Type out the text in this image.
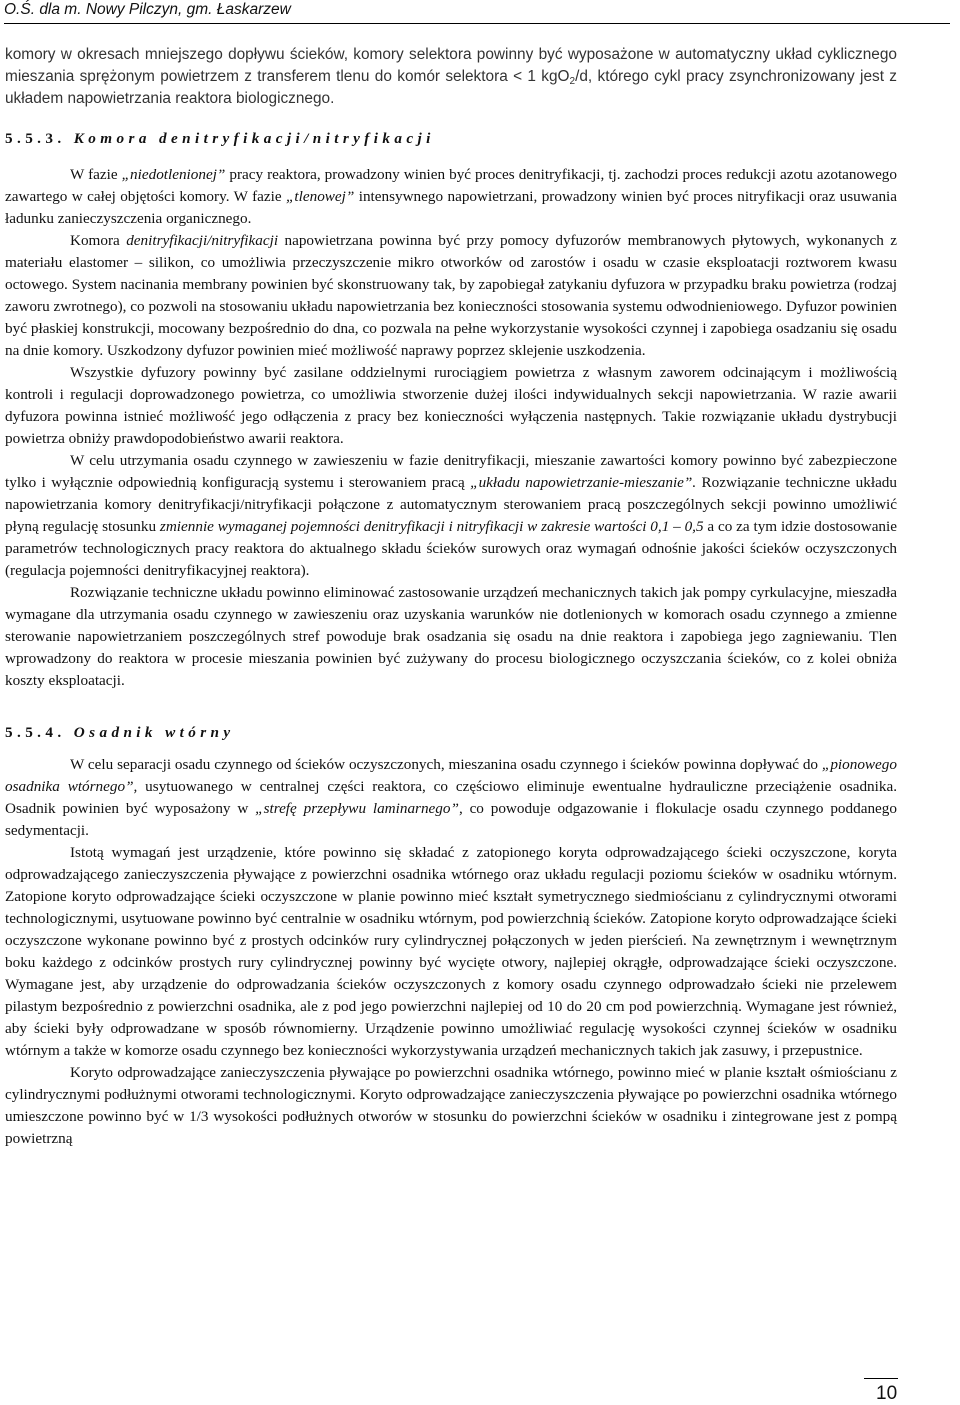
O.Ś. dla m. Nowy Pilczyn, gm. Łaskarzew

komory w okresach mniejszego dopływu ścieków, komory selektora powinny być wyposażone w automatyczny układ cyklicznego mieszania sprężonym powietrzem z transferem tlenu do komór selektora < 1 kgO$_2$/d, którego cykl pracy zsynchronizowany jest z układem napowietrzania reaktora biologicznego.

5.5.3. Komora denitryfikacji/nitryfikacji

W fazie „niedotlenionej” pracy reaktora, prowadzony winien być proces denitryfikacji, tj. zachodzi proces redukcji azotu azotanowego zawartego w całej objętości komory. W fazie „tlenowej” intensywnego napowietrzani, prowadzony winien być proces nitryfikacji oraz usuwania ładunku zanieczyszczenia organicznego.

Komora denitryfikacji/nitryfikacji napowietrzana powinna być przy pomocy dyfuzorów membranowych płytowych, wykonanych z materiału elastomer – silikon, co umożliwia przeczyszczenie mikro otworków od zarostów i osadu w czasie eksploatacji roztworem kwasu octowego. System nacinania membrany powinien być skonstruowany tak, by zapobiegał zatykaniu dyfuzora w przypadku braku powietrza (rodzaj zaworu zwrotnego), co pozwoli na stosowaniu układu napowietrzania bez konieczności stosowania systemu odwodnieniowego. Dyfuzor powinien być płaskiej konstrukcji, mocowany bezpośrednio do dna, co pozwala na pełne wykorzystanie wysokości czynnej i zapobiega osadzaniu się osadu na dnie komory. Uszkodzony dyfuzor powinien mieć możliwość naprawy poprzez sklejenie uszkodzenia.

Wszystkie dyfuzory powinny być zasilane oddzielnymi rurociągiem powietrza z własnym zaworem odcinającym i możliwością kontroli i regulacji doprowadzonego powietrza, co umożliwia stworzenie dużej ilości indywidualnych sekcji napowietrzania. W razie awarii dyfuzora powinna istnieć możliwość jego odłączenia z pracy bez konieczności wyłączenia następnych. Takie rozwiązanie układu dystrybucji powietrza obniży prawdopodobieństwo awarii reaktora.

W celu utrzymania osadu czynnego w zawieszeniu w fazie denitryfikacji, mieszanie zawartości komory powinno być zabezpieczone tylko i wyłącznie odpowiednią konfiguracją systemu i sterowaniem pracą „układu napowietrzanie-mieszanie”. Rozwiązanie techniczne układu napowietrzania komory denitryfikacji/nitryfikacji połączone z automatycznym sterowaniem pracą poszczególnych sekcji powinno umożliwić płyną regulację stosunku zmiennie wymaganej pojemności denitryfikacji i nitryfikacji w zakresie wartości 0,1 – 0,5 a co za tym idzie dostosowanie parametrów technologicznych pracy reaktora do aktualnego składu ścieków surowych oraz wymagań odnośnie jakości ścieków oczyszczonych (regulacja pojemności denitryfikacyjnej reaktora).

Rozwiązanie techniczne układu powinno eliminować zastosowanie urządzeń mechanicznych takich jak pompy cyrkulacyjne, mieszadła wymagane dla utrzymania osadu czynnego w zawieszeniu oraz uzyskania warunków nie dotlenionych w komorach osadu czynnego a zmienne sterowanie napowietrzaniem poszczególnych stref powoduje brak osadzania się osadu na dnie reaktora i zapobiega jego zagniewaniu. Tlen wprowadzony do reaktora w procesie mieszania powinien być zużywany do procesu biologicznego oczyszczania ścieków, co z kolei obniża koszty eksploatacji.

5.5.4. Osadnik wtórny

W celu separacji osadu czynnego od ścieków oczyszczonych, mieszanina osadu czynnego i ścieków powinna dopływać do „pionowego osadnika wtórnego”, usytuowanego w centralnej części reaktora, co częściowo eliminuje ewentualne hydrauliczne przeciążenie osadnika. Osadnik powinien być wyposażony w „strefę przepływu laminarnego”, co powoduje odgazowanie i flokulacje osadu czynnego poddanego sedymentacji.

Istotą wymagań jest urządzenie, które powinno się składać z zatopionego koryta odprowadzającego ścieki oczyszczone, koryta odprowadzającego zanieczyszczenia pływające z powierzchni osadnika wtórnego oraz układu regulacji poziomu ścieków w osadniku wtórnym. Zatopione koryto odprowadzające ścieki oczyszczone w planie powinno mieć kształt symetrycznego siedmiościanu z cylindrycznymi otworami technologicznymi, usytuowane powinno być centralnie w osadniku wtórnym, pod powierzchnią ścieków. Zatopione koryto odprowadzające ścieki oczyszczone wykonane powinno być z prostych odcinków rury cylindrycznej połączonych w jeden pierścień. Na zewnętrznym i wewnętrznym boku każdego z odcinków prostych rury cylindrycznej powinny być wycięte otwory, najlepiej okrągłe, odprowadzające ścieki oczyszczone. Wymagane jest, aby urządzenie do odprowadzania ścieków oczyszczonych z komory osadu czynnego odprowadzało ścieki nie przelewem pilastym bezpośrednio z powierzchni osadnika, ale z pod jego powierzchni najlepiej od 10 do 20 cm pod powierzchnią. Wymagane jest również, aby ścieki były odprowadzane w sposób równomierny. Urządzenie powinno umożliwiać regulację wysokości czynnej ścieków w osadniku wtórnym a także w komorze osadu czynnego bez konieczności wykorzystywania urządzeń mechanicznych takich jak zasuwy, i przepustnice.

Koryto odprowadzające zanieczyszczenia pływające po powierzchni osadnika wtórnego, powinno mieć w planie kształt ośmiościanu z cylindrycznymi podłużnymi otworami technologicznymi. Koryto odprowadzające zanieczyszczenia pływające po powierzchni osadnika wtórnego umieszczone powinno być w 1/3 wysokości podłużnych otworów w stosunku do powierzchni ścieków w osadniku i zintegrowane jest z pompą powietrzną

10
